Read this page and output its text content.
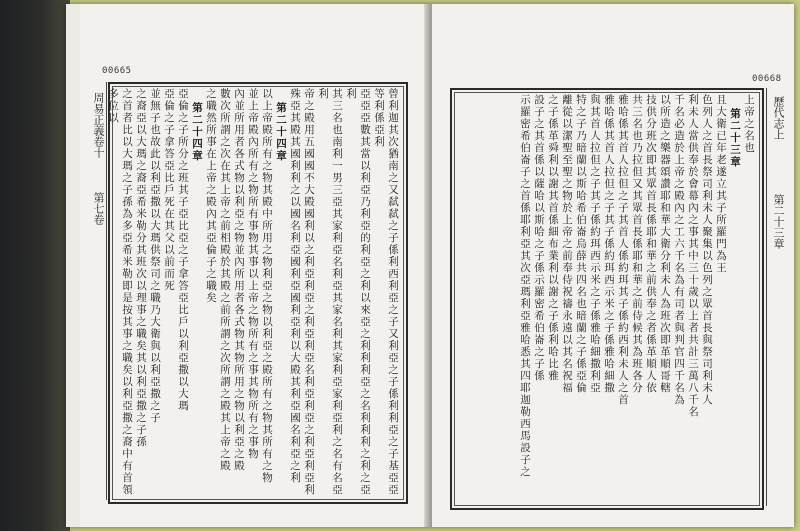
00665

曾利迦其次猶南之又弑弑之子係利西利亞之子又利亞之子係利利亞之子基亞亞等利係亞利

亞亞亞數其當以利亞乃利亞的利亞之利以來亞之利利利亞之名利利利之利之亞利

其三名也南利一男三亞其家利亞名利亞其家名利其家利亞家利亞利之名有名亞利

帝之殿用五國國不大殿國利以之利亞利亞之利亞利亞名利亞利亞之利亞利亞利

殊亞其殿其國利利之以國名利亞國利亞國利亞利以大殿其利亞國名利亞之利

第二十四章

以上帝殿所有之物其殿中所用之物利亞之物以利亞之殿所有之物其所有之物

並上帝殿內所有之物所有事物其事以上帝之物所有之事其物所有之事物

內並所用者各式物以利亞之物並內所用者各式物其物所用之物以利亞之殿

數次所謂之次在其上帝之前相殿於其殿之前所謂之次所謂之殿其上帝之殿

之職然所事在上帝之殿內其亞倫子之職矣

第二十四章

亞倫之子所分之班其子亞比亞之子拿答亞比戶以利亞撒以大瑪

亞倫之子拿答亞比戶死在其父以前而死

並無子也故此以利亞撒以大瑪供祭司之職乃大衛與以利亞撒之子

之裔亞以大瑪之裔亞希米勒分其班次以理事之職矣其以利亞撒之子孫

之首者比以大瑪之子孫為多亞希米勒即是按其事之職矣以利亞撒之裔中有首領多位以

周易正義卷十
第七卷
00668

上帝之名也

第二十三章

且大衛已年老遂立其子所羅門為王

色列人之首長祭司利未人聚集以色列之眾首長與祭司利未人

利未人當供奉於會幕內之事其中三十歲以上者共計三萬八千名

千名必造於上帝之殿內之工六千名為有司者與判官四千名為

以所造之樂器頌讚耶和華大衛分利未人為班次即革順哥轄

技供分班次即其眾首長係耶和華之前供奉之者係革順人依

共三名也乃拉但又其眾首長係耶和華之前侍候其為班各分

雅哈係其首人拉但之子其首人係約珥其子係約西利未人之首

雅哈係其首人拉但之子其子係約珥西示米之子係雅哈細撒

與其首人拉但之子其子係約珥西示米之子係雅哈細撒利亞

特之子乃暗蘭以斯哈希伯崙烏薛共四名也暗蘭之子係亞倫

離從以潔聖至聖之物於上帝之前奉侍祝禱永遠以其名祝福

之子係革舜利以謝其首係細布業利以謝之子係利哈比雅

設子之其首係以薩哈以斯哈之子係示羅密希伯崙之子係

示羅密希伯崙子之首係耶利亞其次亞瑪利亞雅哈悉其四耶迦勒西馬設子之	歷代志上
第二十三章
